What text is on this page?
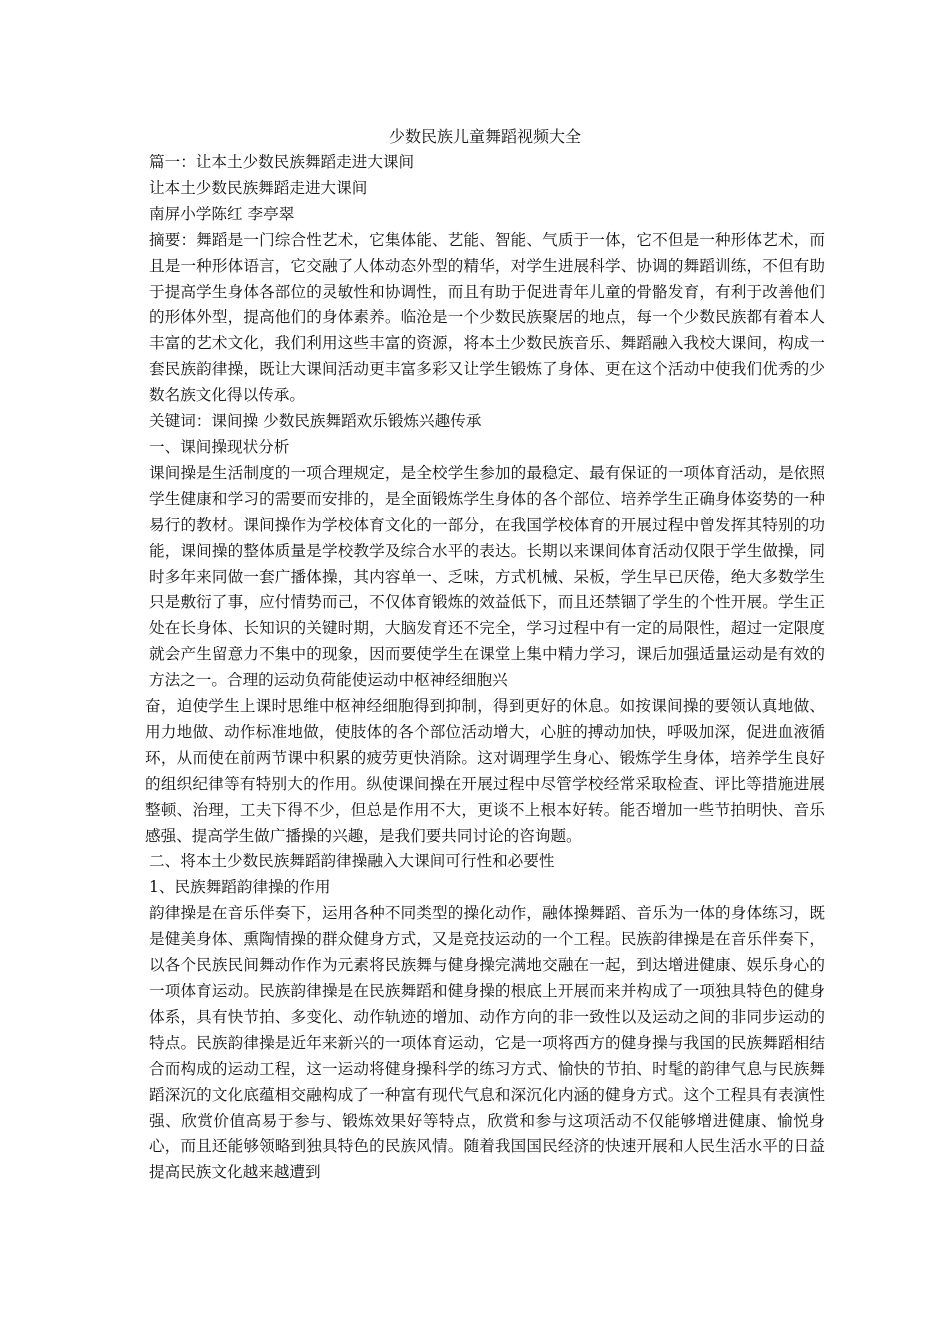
少数民族儿童舞蹈视频大全

篇一：让本土少数民族舞蹈走进大课间

让本土少数民族舞蹈走进大课间

南屏小学陈红 李亭翠

摘要：舞蹈是一门综合性艺术，它集体能、艺能、智能、气质于一体，它不但是一种形体艺术，而且是一种形体语言，它交融了人体动态外型的精华，对学生进展科学、协调的舞蹈训练，不但有助于提高学生身体各部位的灵敏性和协调性，而且有助于促进青年儿童的骨骼发育，有利于改善他们的形体外型，提高他们的身体素养。临沧是一个少数民族聚居的地点，每一个少数民族都有着本人丰富的艺术文化，我们利用这些丰富的资源，将本土少数民族音乐、舞蹈融入我校大课间，构成一套民族韵律操，既让大课间活动更丰富多彩又让学生锻炼了身体、更在这个活动中使我们优秀的少数名族文化得以传承。

关键词：课间操 少数民族舞蹈欢乐锻炼兴趣传承

一、课间操现状分析

课间操是生活制度的一项合理规定，是全校学生参加的最稳定、最有保证的一项体育活动，是依照学生健康和学习的需要而安排的，是全面锻炼学生身体的各个部位、培养学生正确身体姿势的一种易行的教材。课间操作为学校体育文化的一部分，在我国学校体育的开展过程中曾发挥其特别的功能，课间操的整体质量是学校教学及综合水平的表达。长期以来课间体育活动仅限于学生做操，同时多年来同做一套广播体操，其内容单一、乏味，方式机械、呆板，学生早已厌倦，绝大多数学生只是敷衍了事，应付情势而己，不仅体育锻炼的效益低下，而且还禁锢了学生的个性开展。学生正处在长身体、长知识的关键时期，大脑发育还不完全，学习过程中有一定的局限性，超过一定限度就会产生留意力不集中的现象，因而要使学生在课堂上集中精力学习，课后加强适量运动是有效的方法之一。合理的运动负荷能使运动中枢神经细胞兴

奋，迫使学生上课时思维中枢神经细胞得到抑制，得到更好的休息。如按课间操的要领认真地做、用力地做、动作标准地做，使肢体的各个部位活动增大，心脏的搏动加快，呼吸加深，促进血液循环，从而使在前两节课中积累的疲劳更快消除。这对调理学生身心、锻炼学生身体，培养学生良好的组织纪律等有特别大的作用。纵使课间操在开展过程中尽管学校经常采取检查、评比等措施进展整顿、治理，工夫下得不少，但总是作用不大，更谈不上根本好转。能否增加一些节拍明快、音乐感强、提高学生做广播操的兴趣，是我们要共同讨论的咨询题。

二、将本土少数民族舞蹈韵律操融入大课间可行性和必要性

1、民族舞蹈韵律操的作用

韵律操是在音乐伴奏下，运用各种不同类型的操化动作，融体操舞蹈、音乐为一体的身体练习，既是健美身体、熏陶情操的群众健身方式，又是竞技运动的一个工程。民族韵律操是在音乐伴奏下，以各个民族民间舞动作作为元素将民族舞与健身操完满地交融在一起，到达增进健康、娱乐身心的一项体育运动。民族韵律操是在民族舞蹈和健身操的根底上开展而来并构成了一项独具特色的健身体系，具有快节拍、多变化、动作轨迹的增加、动作方向的非一致性以及运动之间的非同步运动的特点。民族韵律操是近年来新兴的一项体育运动，它是一项将西方的健身操与我国的民族舞蹈相结合而构成的运动工程，这一运动将健身操科学的练习方式、愉快的节拍、时髦的韵律气息与民族舞蹈深沉的文化底蕴相交融构成了一种富有现代气息和深沉化内涵的健身方式。这个工程具有表演性强、欣赏价值高易于参与、锻炼效果好等特点，欣赏和参与这项活动不仅能够增进健康、愉悦身心，而且还能够领略到独具特色的民族风情。随着我国国民经济的快速开展和人民生活水平的日益提高民族文化越来越遭到
